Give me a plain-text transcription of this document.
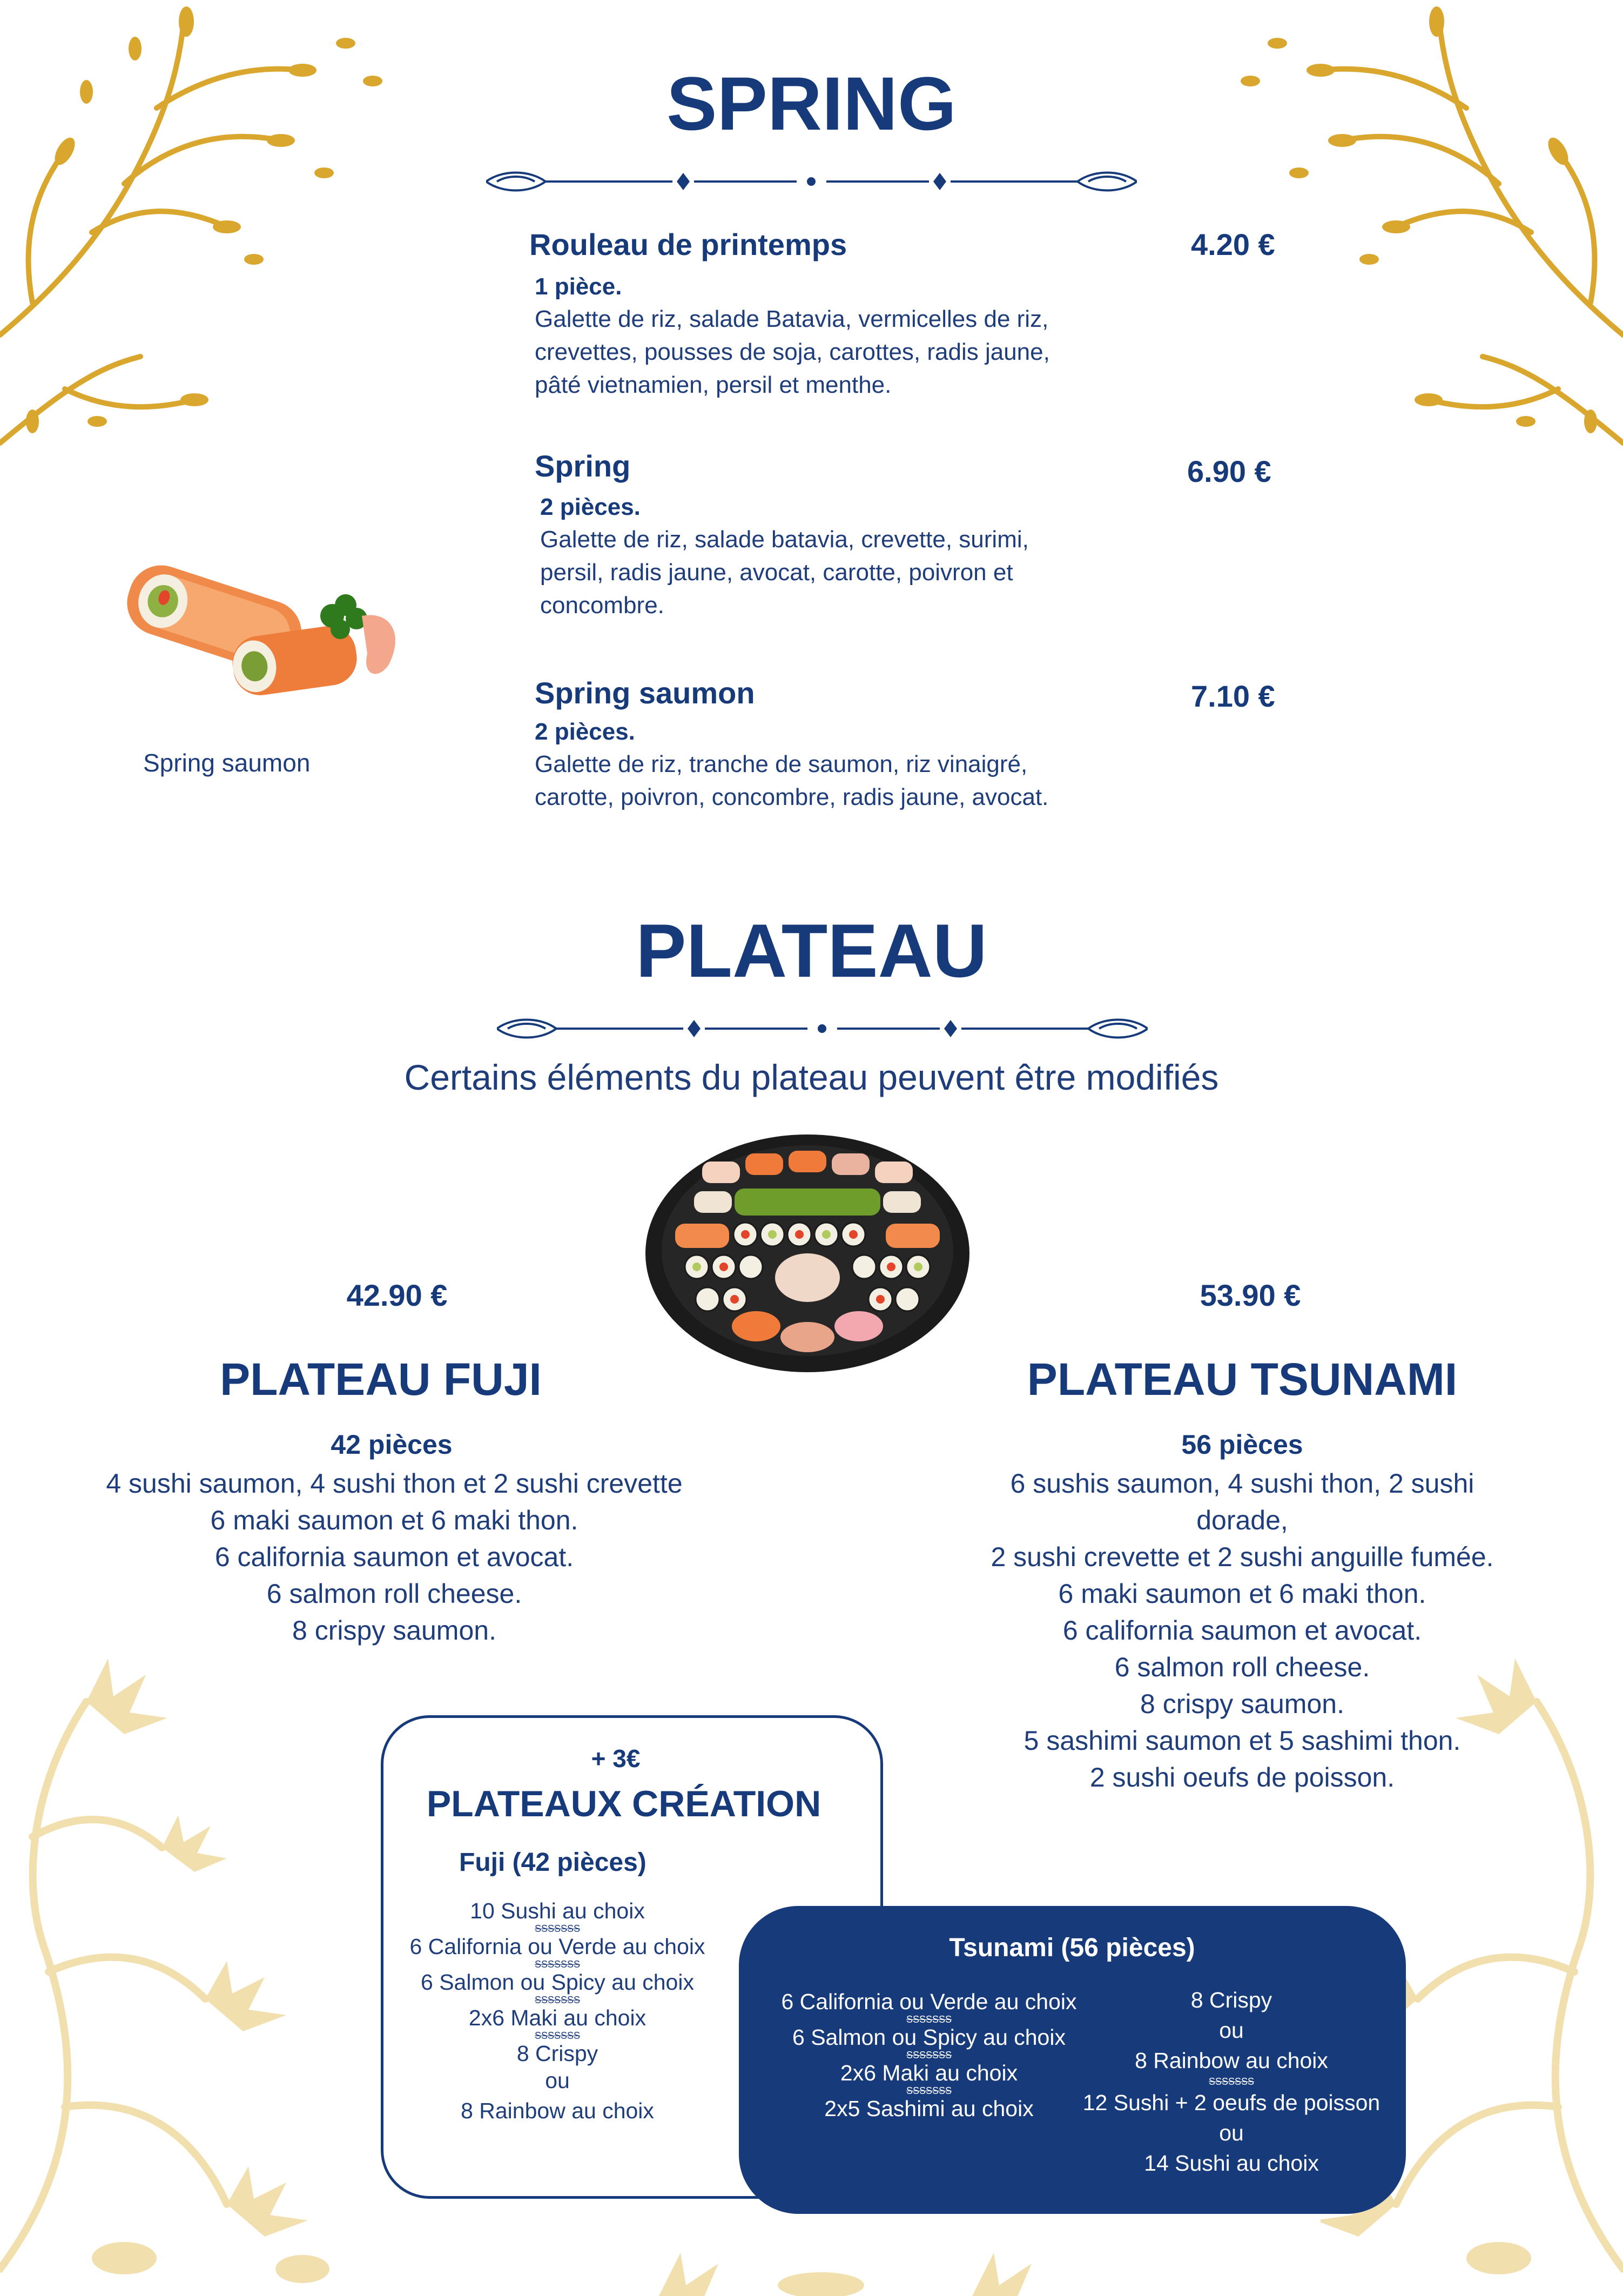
SPRING
Rouleau de printemps	4.20 €
1 pièce.
Galette de riz, salade Batavia, vermicelles de riz,
crevettes, pousses de soja, carottes, radis jaune,
pâté vietnamien, persil et menthe.
Spring	6.90 €
2 pièces.
Galette de riz, salade batavia, crevette, surimi,
persil, radis jaune, avocat, carotte, poivron et
concombre.
Spring saumon	7.10 €
2 pièces.
Galette de riz, tranche de saumon, riz vinaigré,
carotte, poivron, concombre, radis jaune, avocat.
Spring saumon
PLATEAU
Certains éléments du plateau peuvent être modifiés
42.90 €
PLATEAU FUJI
42 pièces
4 sushi saumon, 4 sushi thon et 2 sushi crevette
6 maki saumon et 6 maki thon.
6 california saumon et avocat.
6 salmon roll cheese.
8 crispy saumon.
53.90 €
PLATEAU TSUNAMI
56 pièces
6 sushis saumon, 4 sushi thon, 2 sushi
dorade,
2 sushi crevette et 2 sushi anguille fumée.
6 maki saumon et 6 maki thon.
6 california saumon et avocat.
6 salmon roll cheese.
8 crispy saumon.
5 sashimi saumon et 5 sashimi thon.
2 sushi oeufs de poisson.
+ 3€
PLATEAUX CRÉATION
Fuji (42 pièces)
10 Sushi au choix
SSSSSSS
6 California ou Verde au choix
SSSSSSS
6 Salmon ou Spicy au choix
SSSSSSS
2x6 Maki au choix
SSSSSSS
8 Crispy
ou
8 Rainbow au choix
Tsunami (56 pièces)
6 California ou Verde au choix
SSSSSSS
6 Salmon ou Spicy au choix
SSSSSSS
2x6 Maki au choix
SSSSSSS
2x5 Sashimi au choix
8 Crispy
ou
8 Rainbow au choix
SSSSSSS
12 Sushi + 2 oeufs de poisson
ou
14 Sushi au choix
